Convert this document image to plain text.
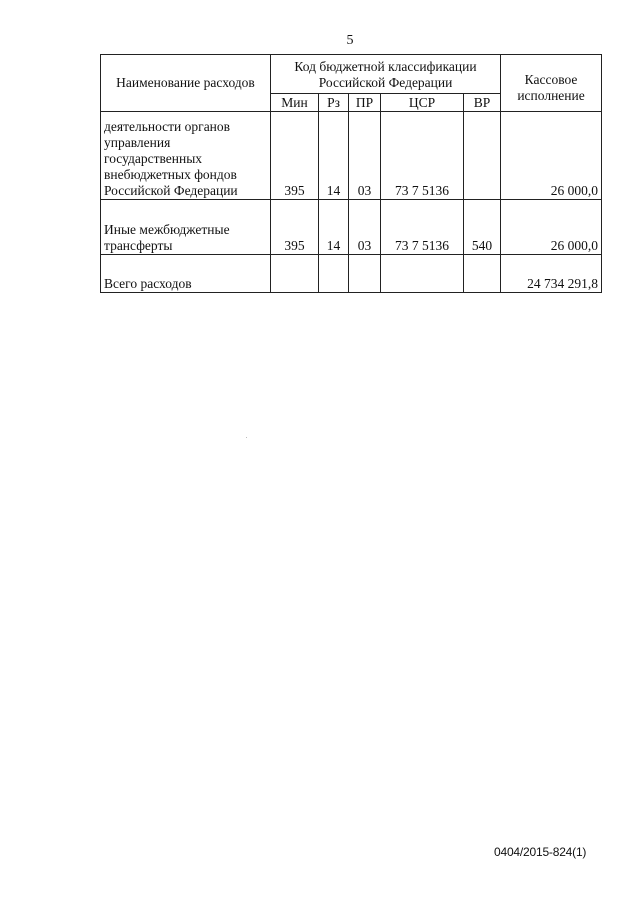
5
Наименование расходов	Код бюджетной классификации Российской Федерации					Кассовое исполнение
	Мин	Рз	ПР	ЦСР	ВР	

деятельности органов
управления
государственных
внебюджетных фондов
Российской Федерации	395	14	03	73 7 5136		26 000,0

Иные межбюджетные
трансферты	395	14	03	73 7 5136	540	26 000,0

Всего расходов						24 734 291,8
0404/2015-824(1)
